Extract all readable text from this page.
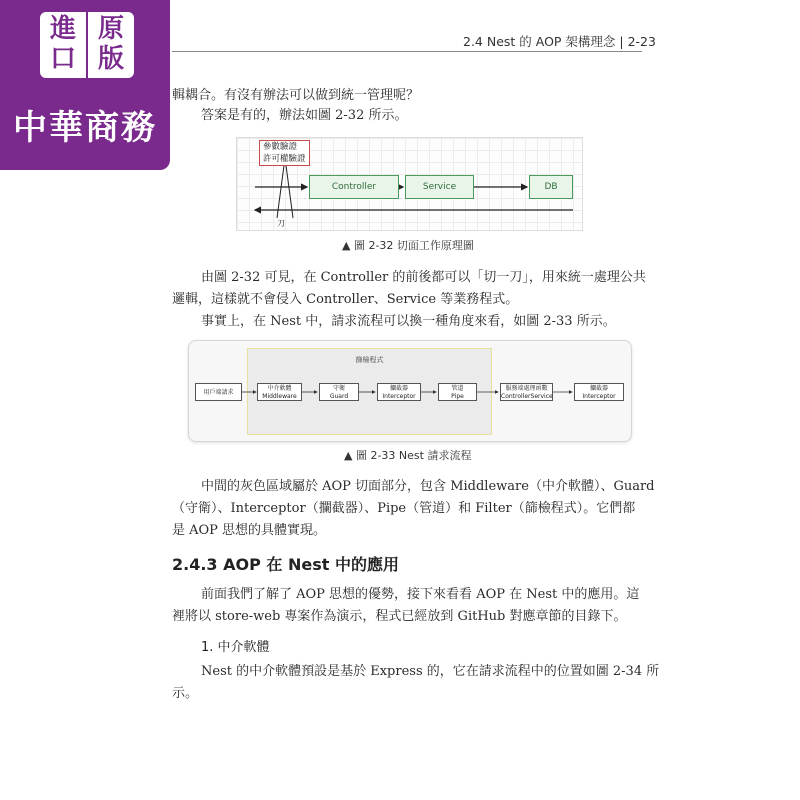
進
口
原
版
中華商務
2.4 Nest 的 AOP 架構理念 | 2-23
輯耦合。有沒有辦法可以做到統一管理呢？
答案是有的，辦法如圖 2-32 所示。
參數驗證
許可權驗證
Controller	Service	DB
刀
▲ 圖 2-32 切面工作原理圖
由圖 2-32 可見，在 Controller 的前後都可以「切一刀」，用來統一處理公共
邏輯，這樣就不會侵入 Controller、Service 等業務程式。
事實上，在 Nest 中，請求流程可以換一種角度來看，如圖 2-33 所示。
篩檢程式
用戶端請求
中介軟體
Middleware
守衛
Guard
攔截器
Interceptor
管道
Pipe
服務端處理函數
ControllerService
攔截器
Interceptor
▲ 圖 2-33 Nest 請求流程
中間的灰色區域屬於 AOP 切面部分，包含 Middleware（中介軟體）、Guard
（守衛）、Interceptor（攔截器）、Pipe（管道）和 Filter（篩檢程式）。它們都
是 AOP 思想的具體實現。
2.4.3 AOP 在 Nest 中的應用
前面我們了解了 AOP 思想的優勢，接下來看看 AOP 在 Nest 中的應用。這
裡將以 store-web 專案作為演示，程式已經放到 GitHub 對應章節的目錄下。
1. 中介軟體
Nest 的中介軟體預設是基於 Express 的，它在請求流程中的位置如圖 2-34 所
示。
